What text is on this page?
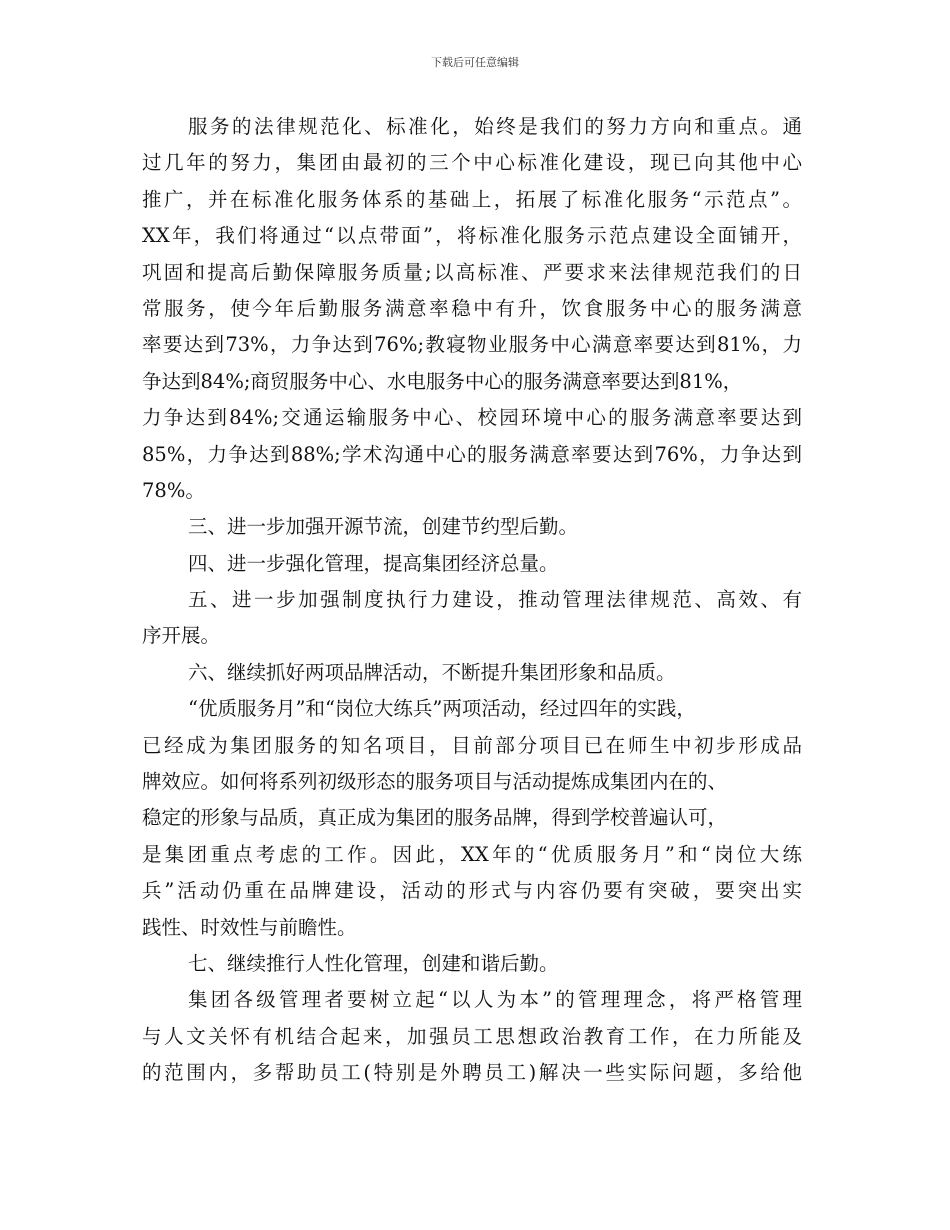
下载后可任意编辑
服务的法律规范化、标准化，始终是我们的努力方向和重点。通
过几年的努力，集团由最初的三个中心标准化建设，现已向其他中心
推广，并在标准化服务体系的基础上，拓展了标准化服务“示范点”。
XX年，我们将通过“以点带面”，将标准化服务示范点建设全面铺开，
巩固和提高后勤保障服务质量;以高标准、严要求来法律规范我们的日
常服务，使今年后勤服务满意率稳中有升，饮食服务中心的服务满意
率要达到73%，力争达到76%;教寝物业服务中心满意率要达到81%，力
争达到84%;商贸服务中心、水电服务中心的服务满意率要达到81%，
力争达到84%;交通运输服务中心、校园环境中心的服务满意率要达到
85%，力争达到88%;学术沟通中心的服务满意率要达到76%，力争达到
78%。
三、进一步加强开源节流，创建节约型后勤。
四、进一步强化管理，提高集团经济总量。
五、进一步加强制度执行力建设，推动管理法律规范、高效、有
序开展。
六、继续抓好两项品牌活动，不断提升集团形象和品质。
“优质服务月”和“岗位大练兵”两项活动，经过四年的实践，
已经成为集团服务的知名项目，目前部分项目已在师生中初步形成品
牌效应。如何将系列初级形态的服务项目与活动提炼成集团内在的、
稳定的形象与品质，真正成为集团的服务品牌，得到学校普遍认可，
是集团重点考虑的工作。因此，XX年的“优质服务月”和“岗位大练
兵”活动仍重在品牌建设，活动的形式与内容仍要有突破，要突出实
践性、时效性与前瞻性。
七、继续推行人性化管理，创建和谐后勤。
集团各级管理者要树立起“以人为本”的管理理念，将严格管理
与人文关怀有机结合起来，加强员工思想政治教育工作，在力所能及
的范围内，多帮助员工(特别是外聘员工)解决一些实际问题，多给他
